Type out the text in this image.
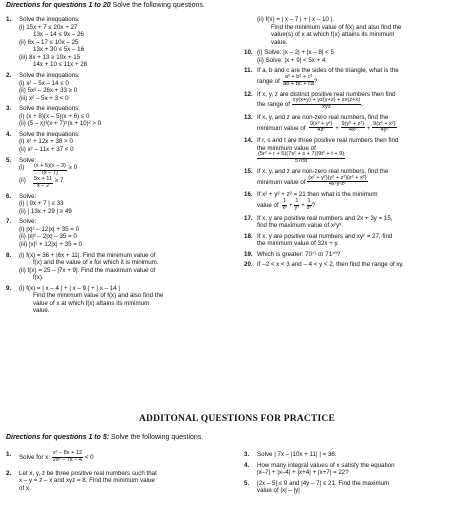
Directions for questions 1 to 20 Solve the following questions.
1.	Solve the inequations:
(i) 15x + 7 ≤ 20x + 27
13x – 14 ≤ 9x – 26
(ii) 6x – 17 ≤ 10x – 25
13x + 30 ≤ 5x – 16
(iii) 8x + 13 ≥ 10x + 15
14x + 10 ≤ 11x + 28
2.	Solve the inequations:
(i) x² – 5x – 14 ≤ 0
(ii) 5x² – 26x + 33 ≥ 0
(iii) x² – 5x + 3 < 0
3.	Solve the inequations:
(i) (x + 8)(x – 5)(x + 6) ≤ 0
(ii) (5 – x)³(x + 7)⁵(x + 10)² > 0
4.	Solve the inequations:
(i) x² + 12x + 38 > 0
(ii) x² – 11x + 37 < 0
5.	Solve:
(i)	$\frac{(x + 5)(x - 3)}{(x - 7)}$
≥ 0
(ii)	$\frac{5x + 11}{x - 2}$
≥ 7
6.	Solve:
(i) | 9x + 7 | ≤ 33
(ii) | 13x + 29 | ≥ 49
7.	Solve:
(i) |x|² – 12|x| + 35 = 0
(ii) |x|² – 2|x| – 35 = 0
(iii) |x|² + 12|x| + 35 = 0
8.	(i) f(x) = 36 + |6x + 11|. Find the minimum value of
f(x) and the value of x for which it is minimum.
(ii) f(x) = 25 – |7x + 9|. Find the maximum value of
f(x).
9.	(i) f(x) = | x – 4 | + | x – 9 | + | x – 14 |
Find the minimum value of f(x) and also find the
value of x at which f(x) attains its minimum
value.
(ii) f(x) = | x – 7 | + | x – 10 |.
Find the minimum value of f(x) and also find the
value(s) of x at which f(x) attains its minimum
value.
10. (i) Solve: |x – 2| + |x – 8| < 5
(ii) Solve: |x + 9| < 5x + 4
11. If a, b and c are the sides of the triangle, what is the
range of $\frac{\text{a² + b² + c²}}{ab + bc + ca}$ ?
12. If x, y, z are distinct positive real numbers then find
the range of $\frac{xy(x+y) + yz(y+z) + zx(z+x)}{\text{xyz}}$ .
13. If x, y, and z are non-zero real numbers, find the
minimum value of $\frac{\text{9(x² + y²)}}{\text{4z²}} + \frac{\text{9(y² + z²)}}{\text{4x²}} + \frac{\text{9(z² + x²)}}{\text{4y²}}$
14. If r, s and t are three positive real numbers then find
the minimum value of
$\frac{\text{(5r² + r + 5)(7s² + s + 7)(9t² + t + 9)}}{\text{57rst}}$
15. If x, y, and z are non-zero real numbers, find the
minimum value of $\frac{\text{(x² + y²)(y² + z²)(z² + x²)}}{\text{4x²y²z²}}$
16. If x² + y² + z² = 21 then what is the minimum
value of $\frac{1}{\text{x²}} + \frac{1}{\text{y²}} + \frac{1}{\text{z²}}$ ?
17. If x, y are positive real numbers and 2x + 3y = 15,
find the maximum value of x²y³.
18. If x, y are positive real numbers and xy² = 27, find
the minimum value of 32x + y.
19. Which is greater: 70⁷¹ or 71⁷⁰?
20. If –2 < x < 3 and – 4 < y < 2, then find the range of xy.
ADDITONAL QUESTIONS FOR PRACTICE
Directions for questions 1 to 5: Solve the following questions.
1.	Solve for x: $\frac{\text{x² – 8x + 12}}{\text{2x² – 7x – 4}} < 0$
2.	Let x, y, z be three positive real numbers such that
x – y = z – x and xyz = 8. Find the minimum value
of x.
3.	Solve | 7x – |10x + 11| | = 36.
4.	How many integral values of x satisfy the equation
|x–7| + |x–4| + |x+4| + |x+7| = 22?
5.	|2x – 5| ≤ 9 and |4y – 7| ≤ 21. Find the maximum
value of |x| – |y|
